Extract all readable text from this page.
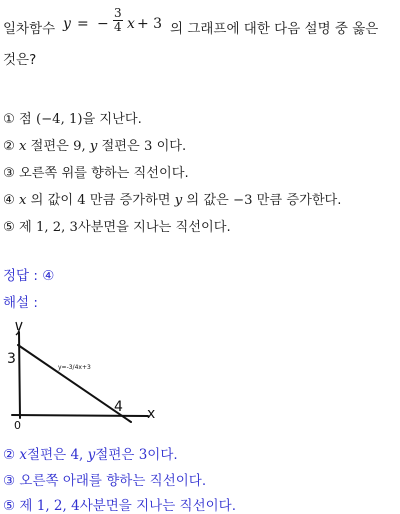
일차함수 y = − $\frac{3}{4}$ x + 3 의 그래프에 대한 다음 설명 중 옳은
것은?
① 점 (−4, 1)을 지난다.
② x 절편은 9, y 절편은 3 이다.
③ 오른쪽 위를 향하는 직선이다.
④ x 의 값이 4 만큼 증가하면 y 의 값은 −3 만큼 증가한다.
⑤ 제 1, 2, 3사분면을 지나는 직선이다.
정답 : ④
해설 :
y
3
0
4 x
y=-3/4x+3
② x절편은 4, y절편은 3이다.
③ 오른쪽 아래를 향하는 직선이다.
⑤ 제 1, 2, 4사분면을 지나는 직선이다.
